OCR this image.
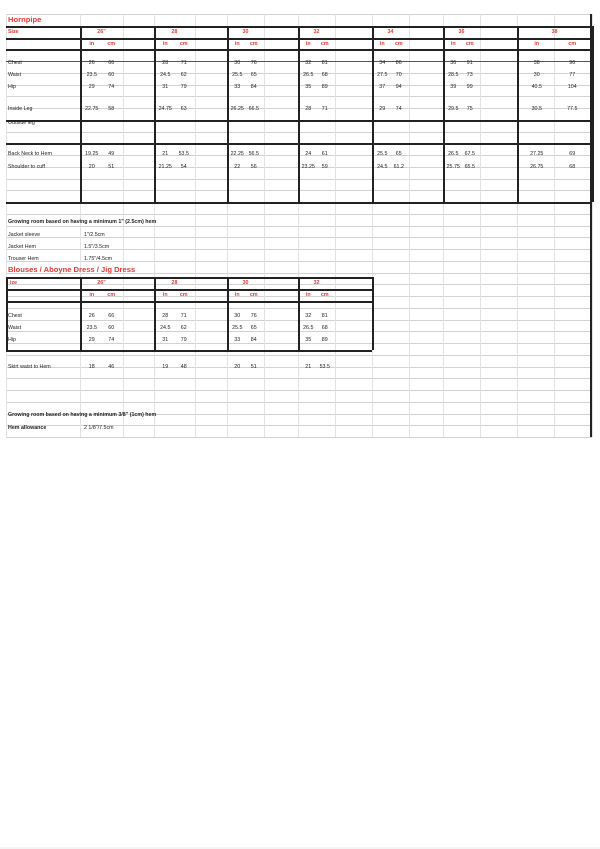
Hornpipe
Size	26"
in	cm
28
in	cm
30
in	cm
32
in	cm
34
in	cm
36
in	cm
38
in	cm
Chest	26	66	28	71	30	76	32	81	34	86	36	91	38	96
Waist	23.5	60	24.5	62	25.5	65	26.5	68	27.5	70	28.5	73	30	77
Hip	29	74	31	79	33	84	35	89	37	94	39	99	40.5	104
Inside Leg	22.75	58	24.75	63	26.25 66.5	28	71	29	74	29.5	75	30.5	77.5
Outside leg
Back Neck to Hem	19.25	49	21	53.5	22.25 56.5	24	61	25.5	65	26.5	67.5	27.25	69
Shoulder to cuff	20	51	21.25	54	22	56	23.25	59	24.5	61.2	25.75 65.5	26.75	68
Growing room based on having a minimum 1" (2.5cm) hem
Jacket sleeve	1"/2.5cm
Jacket Hem	1.5"/3.5cm
Trouser Hem	1.75"/4.5cm
Blouses / Aboyne Dress / Jig Dress
ize	26"
in	cm
28
in	cm
30
in	cm
32
in	cm
Chest	26	66	28	71	30	76	32	81
Waist	23.5	60	24.5	62	25.5	65	26.5	68
Hip	29	74	31	79	33	84	35	89
Skirt waist to Hem	18	46	19	48	20	51	21	53.5
Growing room based on having a minimum 3/8" (1cm) hem
Hem allowance	2 1/8"/7.5cm
